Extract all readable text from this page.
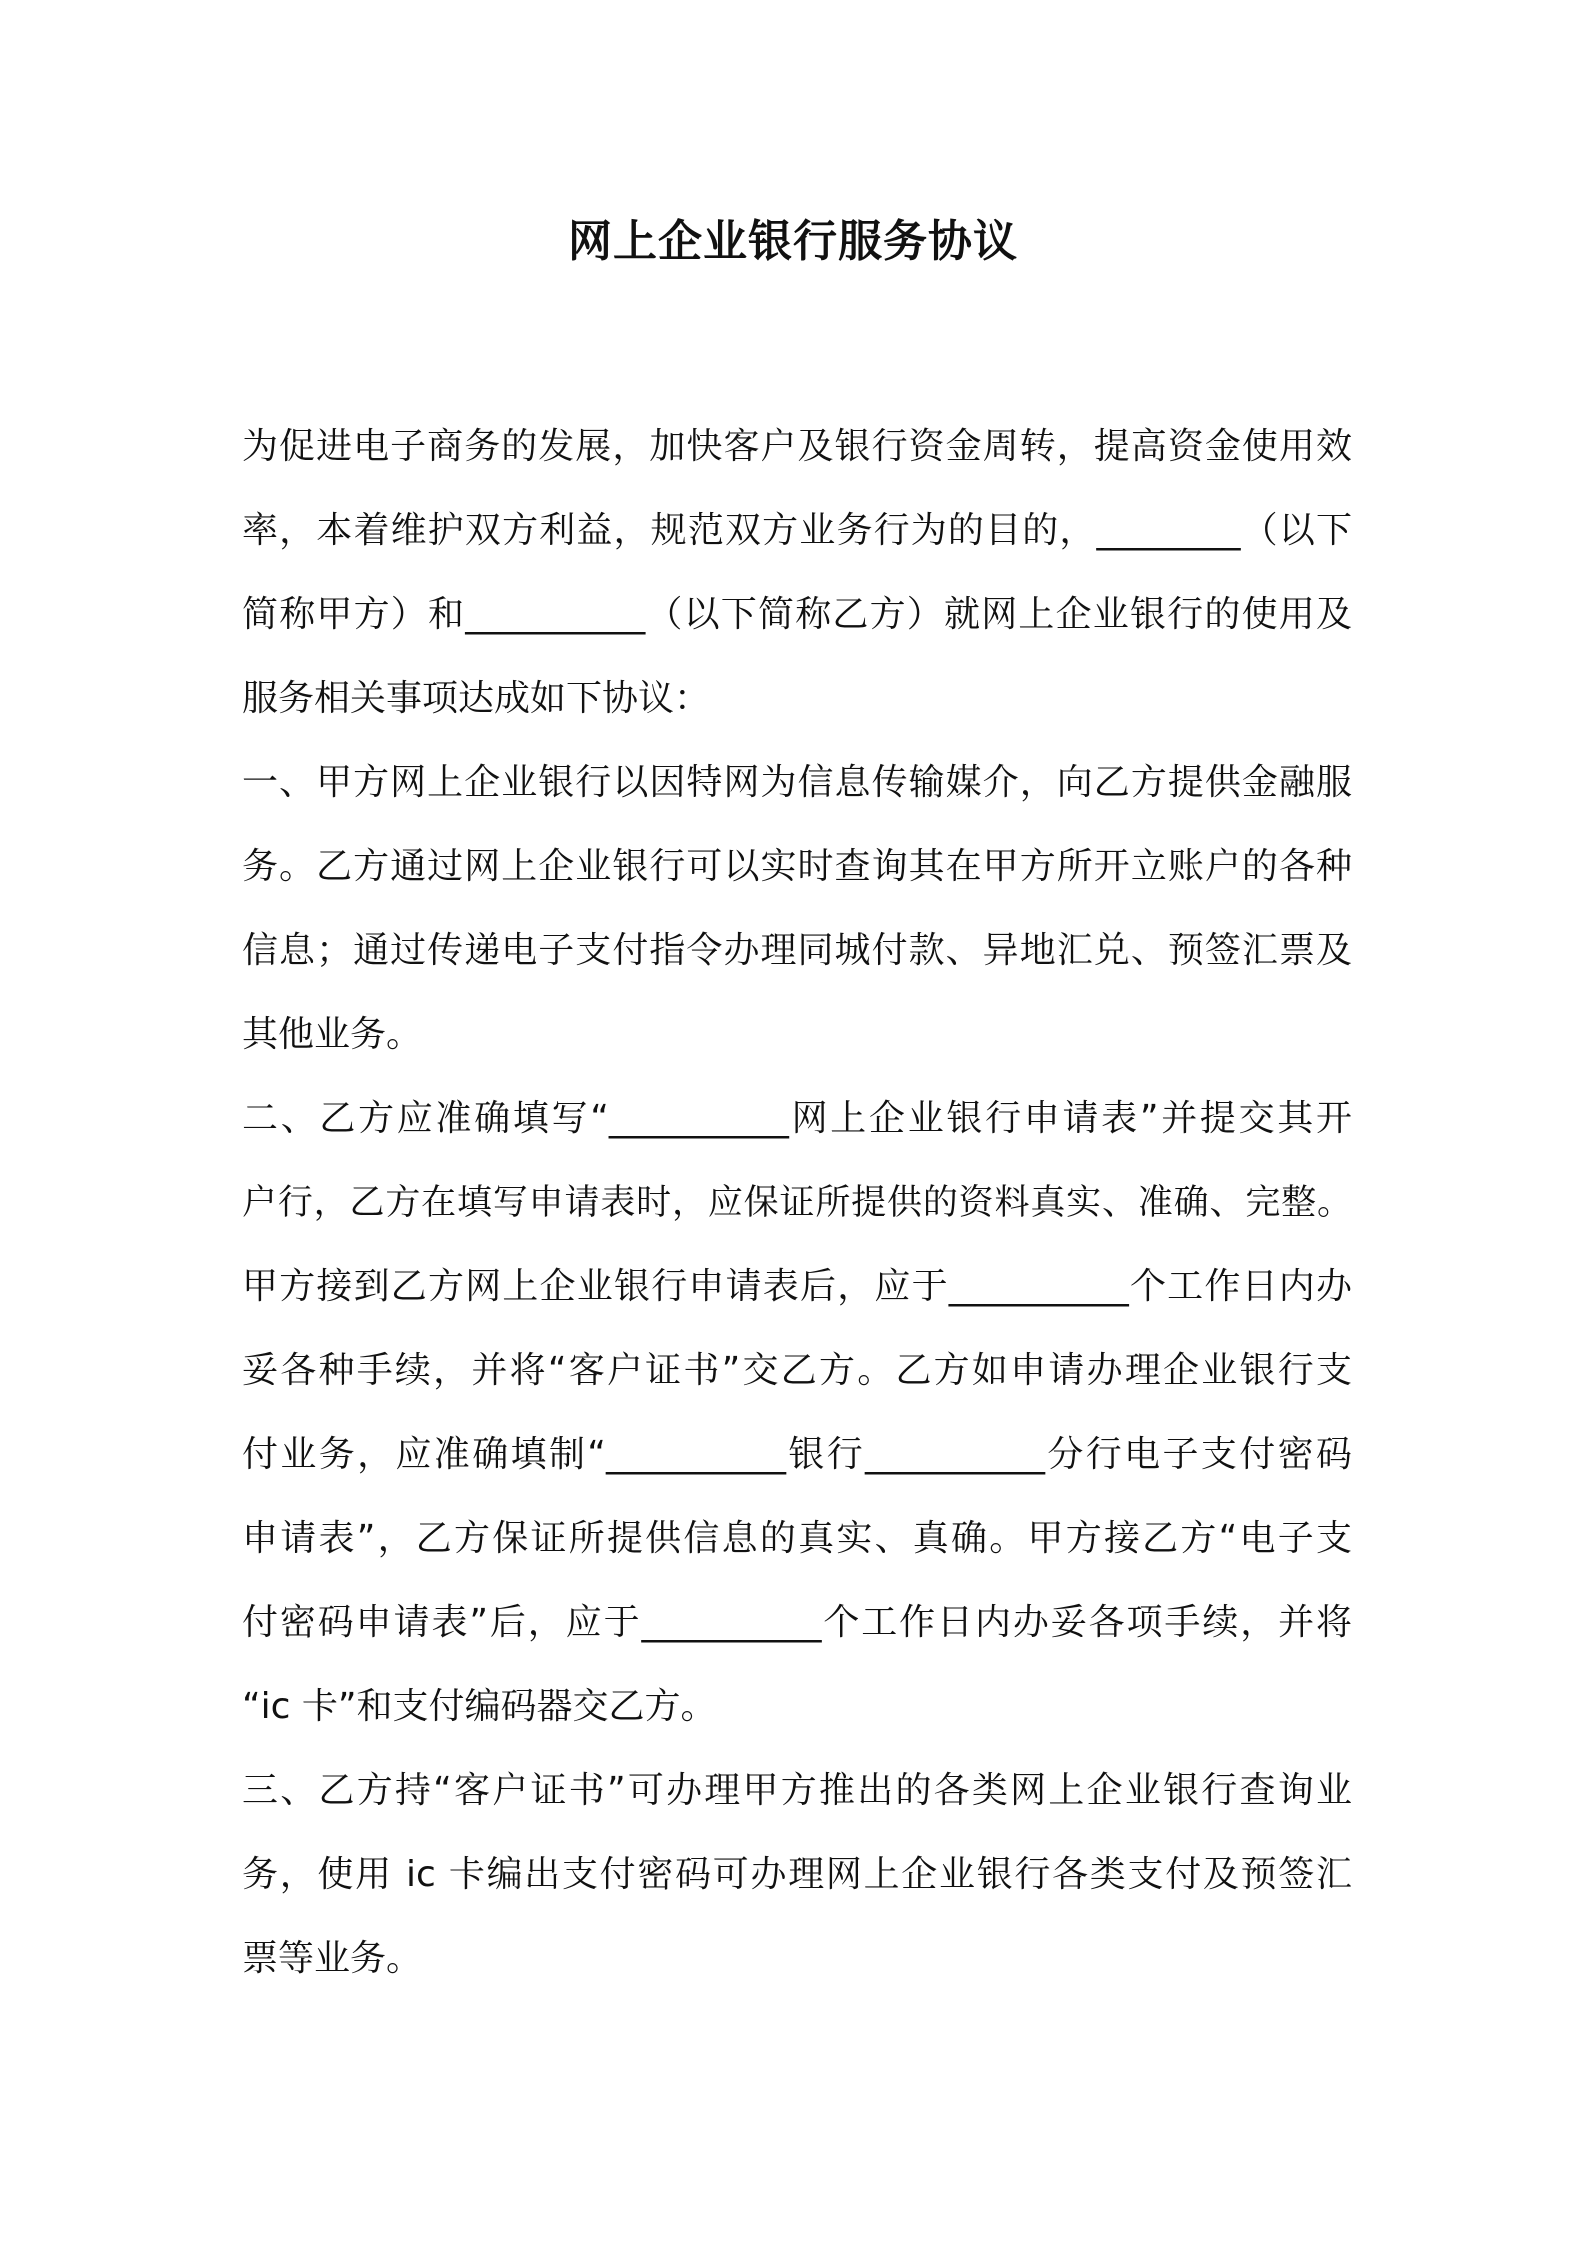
网上企业银行服务协议
为促进电子商务的发展，加快客户及银行资金周转，提高资金使用效
率，本着维护双方利益，规范双方业务行为的目的，________（以下
简称甲方）和__________（以下简称乙方）就网上企业银行的使用及
服务相关事项达成如下协议：
一、甲方网上企业银行以因特网为信息传输媒介，向乙方提供金融服
务。乙方通过网上企业银行可以实时查询其在甲方所开立账户的各种
信息；通过传递电子支付指令办理同城付款、异地汇兑、预签汇票及
其他业务。
二、乙方应准确填写“__________网上企业银行申请表”并提交其开
户行，乙方在填写申请表时，应保证所提供的资料真实、准确、完整。
甲方接到乙方网上企业银行申请表后，应于__________个工作日内办
妥各种手续，并将“客户证书”交乙方。乙方如申请办理企业银行支
付业务，应准确填制“__________银行__________分行电子支付密码
申请表”，乙方保证所提供信息的真实、真确。甲方接乙方“电子支
付密码申请表”后，应于__________个工作日内办妥各项手续，并将
“ic 卡”和支付编码器交乙方。
三、乙方持“客户证书”可办理甲方推出的各类网上企业银行查询业
务，使用 ic 卡编出支付密码可办理网上企业银行各类支付及预签汇
票等业务。
